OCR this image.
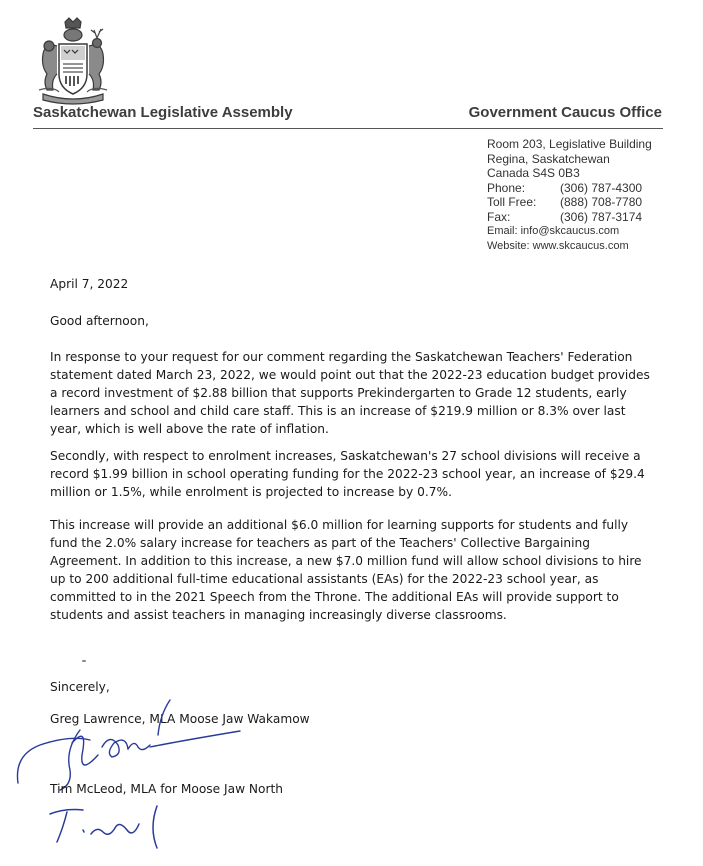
Saskatchewan Legislative Assembly	Government Caucus Office
Room 203, Legislative Building
Regina, Saskatchewan
Canada S4S 0B3
Phone:	(306) 787-4300
Toll Free:	(888) 708-7780
Fax:	(306) 787-3174
Email: info@skcaucus.com
Website: www.skcaucus.com
April 7, 2022
Good afternoon,
In response to your request for our comment regarding the Saskatchewan Teachers' Federation statement dated March 23, 2022, we would point out that the 2022-23 education budget provides a record investment of $2.88 billion that supports Prekindergarten to Grade 12 students, early learners and school and child care staff. This is an increase of $219.9 million or 8.3% over last year, which is well above the rate of inflation.
Secondly, with respect to enrolment increases, Saskatchewan's 27 school divisions will receive a record $1.99 billion in school operating funding for the 2022-23 school year, an increase of $29.4 million or 1.5%, while enrolment is projected to increase by 0.7%.
This increase will provide an additional $6.0 million for learning supports for students and fully fund the 2.0% salary increase for teachers as part of the Teachers' Collective Bargaining Agreement. In addition to this increase, a new $7.0 million fund will allow school divisions to hire up to 200 additional full-time educational assistants (EAs) for the 2022-23 school year, as committed to in the 2021 Speech from the Throne. The additional EAs will provide support to students and assist teachers in managing increasingly diverse classrooms.
Sincerely,
Greg Lawrence, MLA Moose Jaw Wakamow
Tim McLeod, MLA for Moose Jaw North
